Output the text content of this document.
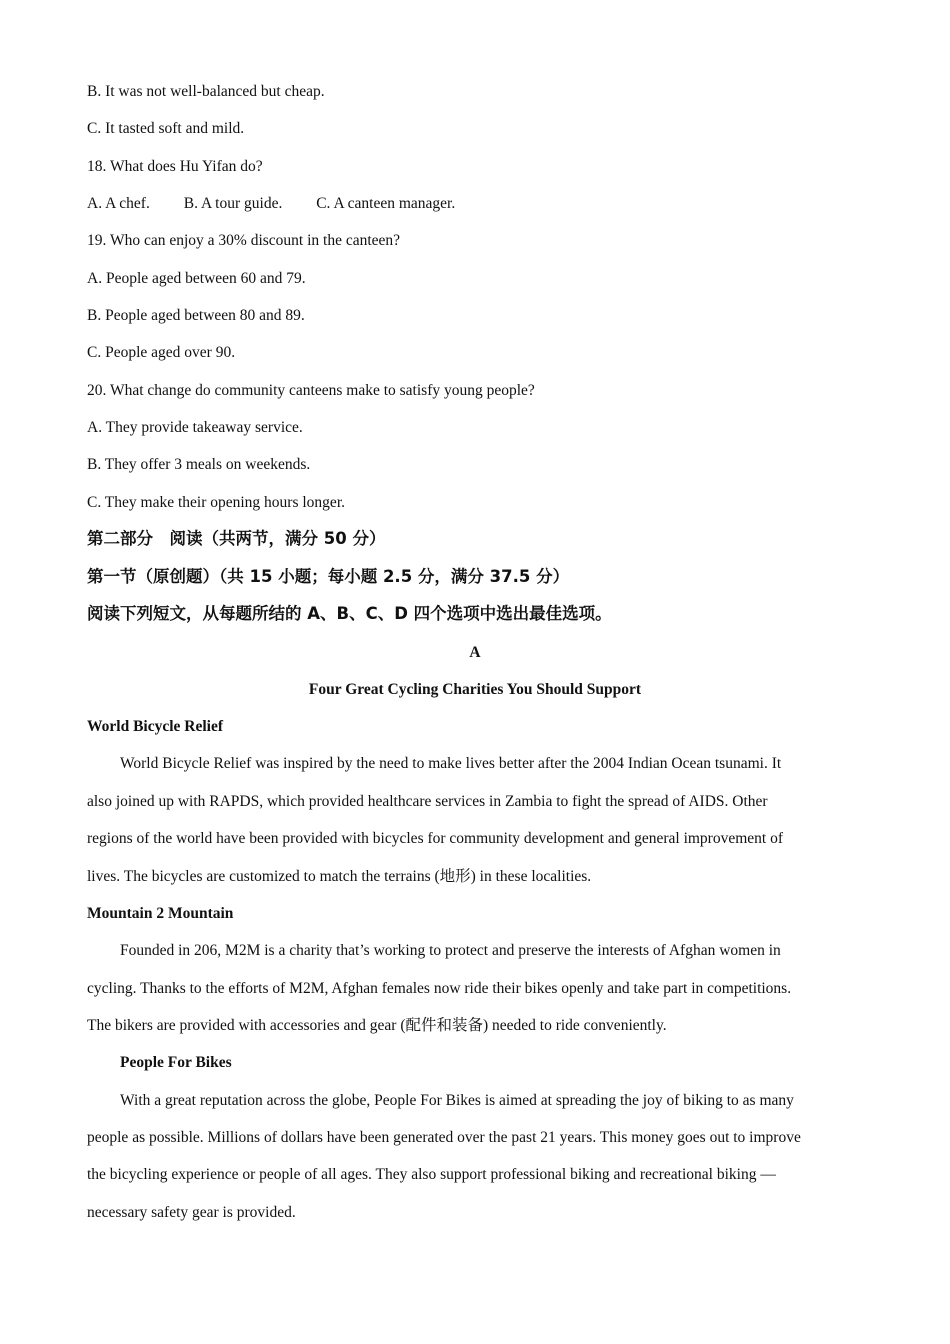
B. It was not well-balanced but cheap.
C. It tasted soft and mild.
18. What does Hu Yifan do?
A. A chef. B. A tour guide. C. A canteen manager.
19. Who can enjoy a 30% discount in the canteen?
A. People aged between 60 and 79.
B. People aged between 80 and 89.
C. People aged over 90.
20. What change do community canteens make to satisfy young people?
A. They provide takeaway service.
B. They offer 3 meals on weekends.
C. They make their opening hours longer.
第二部分　阅读（共两节，满分 50 分）
第一节（原创题）（共 15 小题；每小题 2.5 分，满分 37.5 分）
阅读下列短文，从每题所结的 A、B、C、D 四个选项中选出最佳选项。
A
Four Great Cycling Charities You Should Support
World Bicycle Relief
World Bicycle Relief was inspired by the need to make lives better after the 2004 Indian Ocean tsunami. It
also joined up with RAPDS, which provided healthcare services in Zambia to fight the spread of AIDS. Other
regions of the world have been provided with bicycles for community development and general improvement of
lives. The bicycles are customized to match the terrains (地形) in these localities.
Mountain 2 Mountain
Founded in 206, M2M is a charity that’s working to protect and preserve the interests of Afghan women in
cycling. Thanks to the efforts of M2M, Afghan females now ride their bikes openly and take part in competitions.
The bikers are provided with accessories and gear (配件和装备) needed to ride conveniently.
People For Bikes
With a great reputation across the globe, People For Bikes is aimed at spreading the joy of biking to as many
people as possible. Millions of dollars have been generated over the past 21 years. This money goes out to improve
the bicycling experience or people of all ages. They also support professional biking and recreational biking —
necessary safety gear is provided.
